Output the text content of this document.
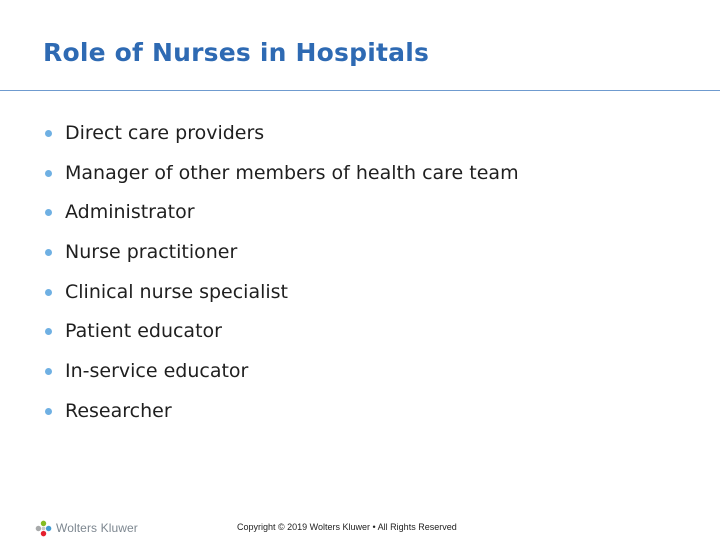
Role of Nurses in Hospitals
Direct care providers
Manager of other members of health care team
Administrator
Nurse practitioner
Clinical nurse specialist
Patient educator
In-service educator
Researcher
Wolters Kluwer	Copyright © 2019 Wolters Kluwer • All Rights Reserved
